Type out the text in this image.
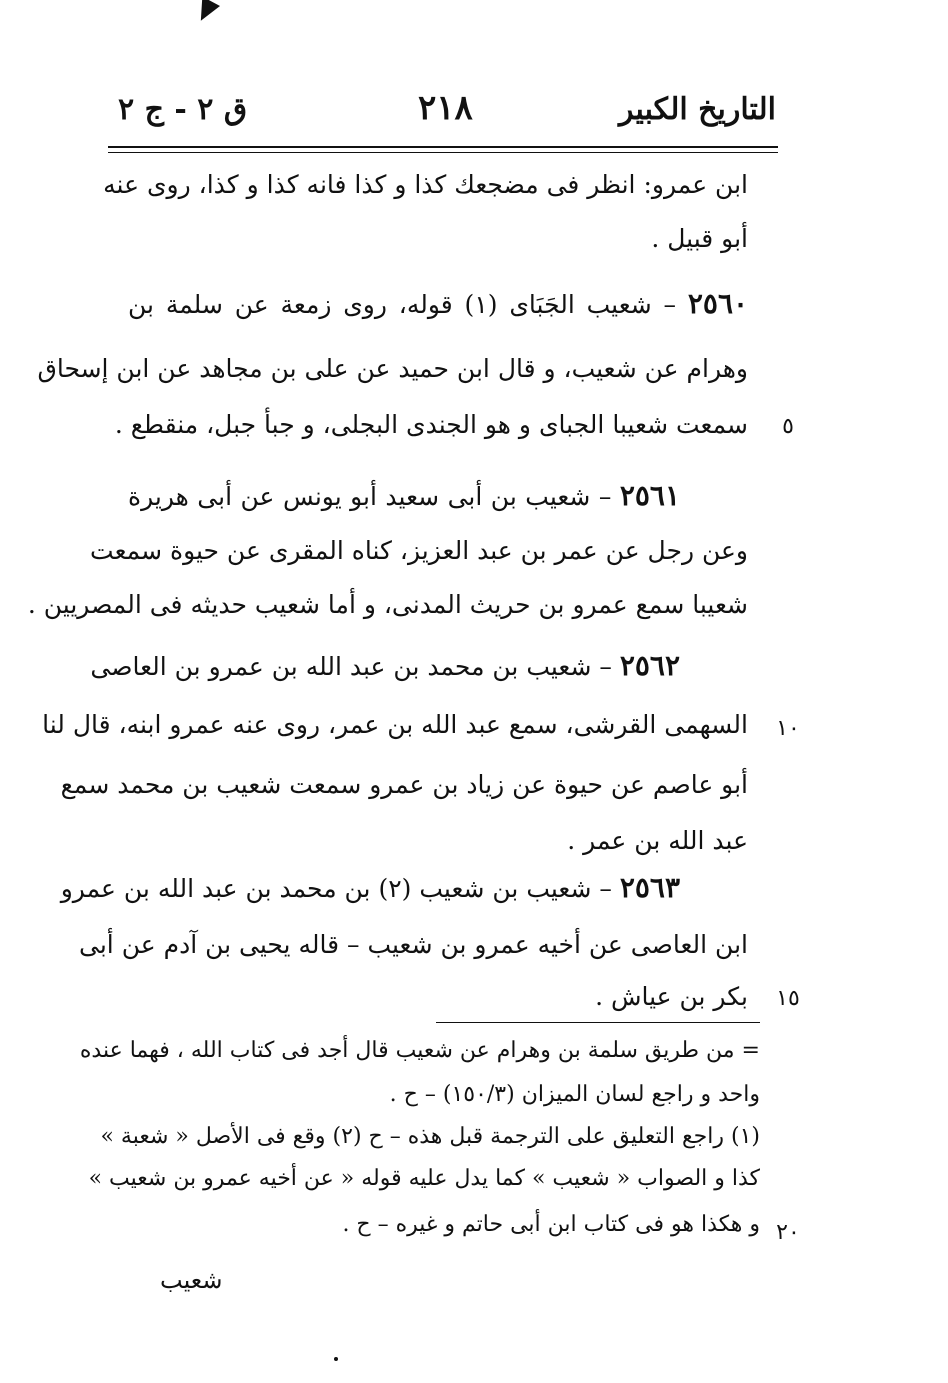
التاريخ الكبير
٢١٨
ق ٢ - ج ٢
ابن عمرو: انظر فى مضجعك كذا و كذا فانه كذا و كذا، روى عنه
أبو قبيل .
٢٥٦٠ – شعيب الجَبَاى (١) قوله، روى زمعة عن سلمة بن
وهرام عن شعيب، و قال ابن حميد عن على بن مجاهد عن ابن إسحاق
سمعت شعيبا الجباى و هو الجندى البجلى، و جبأ جبل، منقطع .
٢٥٦١ – شعيب بن أبى سعيد أبو يونس عن أبى هريرة
وعن رجل عن عمر بن عبد العزيز، كناه المقرى عن حيوة سمعت
شعيبا سمع عمرو بن حريث المدنى، و أما شعيب حديثه فى المصريين .
٢٥٦٢ – شعيب بن محمد بن عبد الله بن عمرو بن العاصى
السهمى القرشى، سمع عبد الله بن عمر، روى عنه عمرو ابنه، قال لنا
أبو عاصم عن حيوة عن زياد بن عمرو سمعت شعيب بن محمد سمع
عبد الله بن عمر .
٢٥٦٣ – شعيب بن شعيب (٢) بن محمد بن عبد الله بن عمرو
ابن العاصى عن أخيه عمرو بن شعيب – قاله يحيى بن آدم عن أبى
بكر بن عياش .
٥
١٠
١٥
٢٠
= من طريق سلمة بن وهرام عن شعيب قال أجد فى كتاب الله ، فهما عنده
واحد و راجع لسان الميزان (١٥٠/٣) – ح .
(١) راجع التعليق على الترجمة قبل هذه – ح (٢) وقع فى الأصل « شعبة »
كذا و الصواب « شعيب » كما يدل عليه قوله « عن أخيه عمرو بن شعيب »
و هكذا هو فى كتاب ابن أبى حاتم و غيره – ح .
شعيب
